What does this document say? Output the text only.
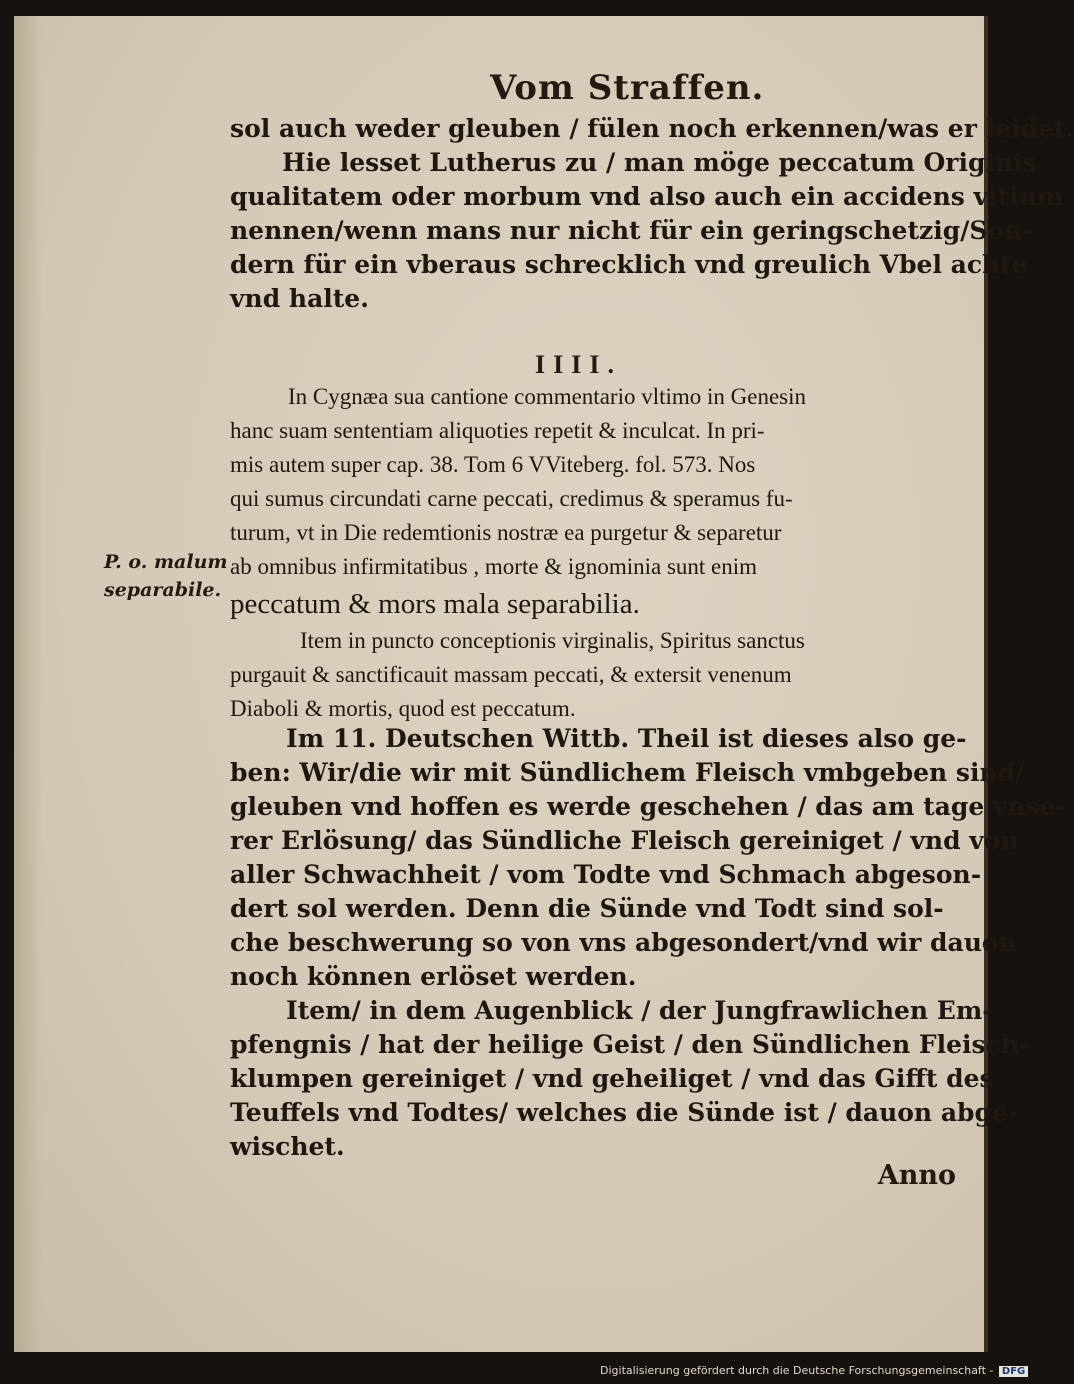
Vom Straffen.
sol auch weder gleuben / fülen noch erkennen/was er leidet.
Hie lesset Lutherus zu / man möge peccatum Originis
qualitatem oder morbum vnd also auch ein accidens vitium
nennen/wenn mans nur nicht für ein geringschetzig/Son-
dern für ein vberaus schrecklich vnd greulich Vbel achte
vnd halte.
IIII.
In Cygnæa sua cantione commentario vltimo in Genesin
hanc suam sententiam aliquoties repetit & inculcat. In pri-
mis autem super cap. 38. Tom 6 VViteberg. fol. 573. Nos
qui sumus circundati carne peccati, credimus & speramus fu-
turum, vt in Die redemtionis nostræ ea purgetur & separetur
ab omnibus infirmitatibus , morte & ignominia sunt enim
peccatum & mors mala separabilia.
Item in puncto conceptionis virginalis, Spiritus sanctus
purgauit & sanctificauit massam peccati, & extersit venenum
Diaboli & mortis, quod est peccatum.
P. o. malum
separabile.
Im 11. Deutschen Wittb. Theil ist dieses also ge-
ben: Wir/die wir mit Sündlichem Fleisch vmbgeben sind/
gleuben vnd hoffen es werde geschehen / das am tage vnse-
rer Erlösung/ das Sündliche Fleisch gereiniget / vnd von
aller Schwachheit / vom Todte vnd Schmach abgeson-
dert sol werden. Denn die Sünde vnd Todt sind sol-
che beschwerung so von vns abgesondert/vnd wir dauon
noch können erlöset werden.
Item/ in dem Augenblick / der Jungfrawlichen Em-
pfengnis / hat der heilige Geist / den Sündlichen Fleisch-
klumpen gereiniget / vnd geheiliget / vnd das Gifft des
Teuffels vnd Todtes/ welches die Sünde ist / dauon abge-
wischet.
Anno
Digitalisierung gefördert durch die Deutsche Forschungsgemeinschaft - DFG
